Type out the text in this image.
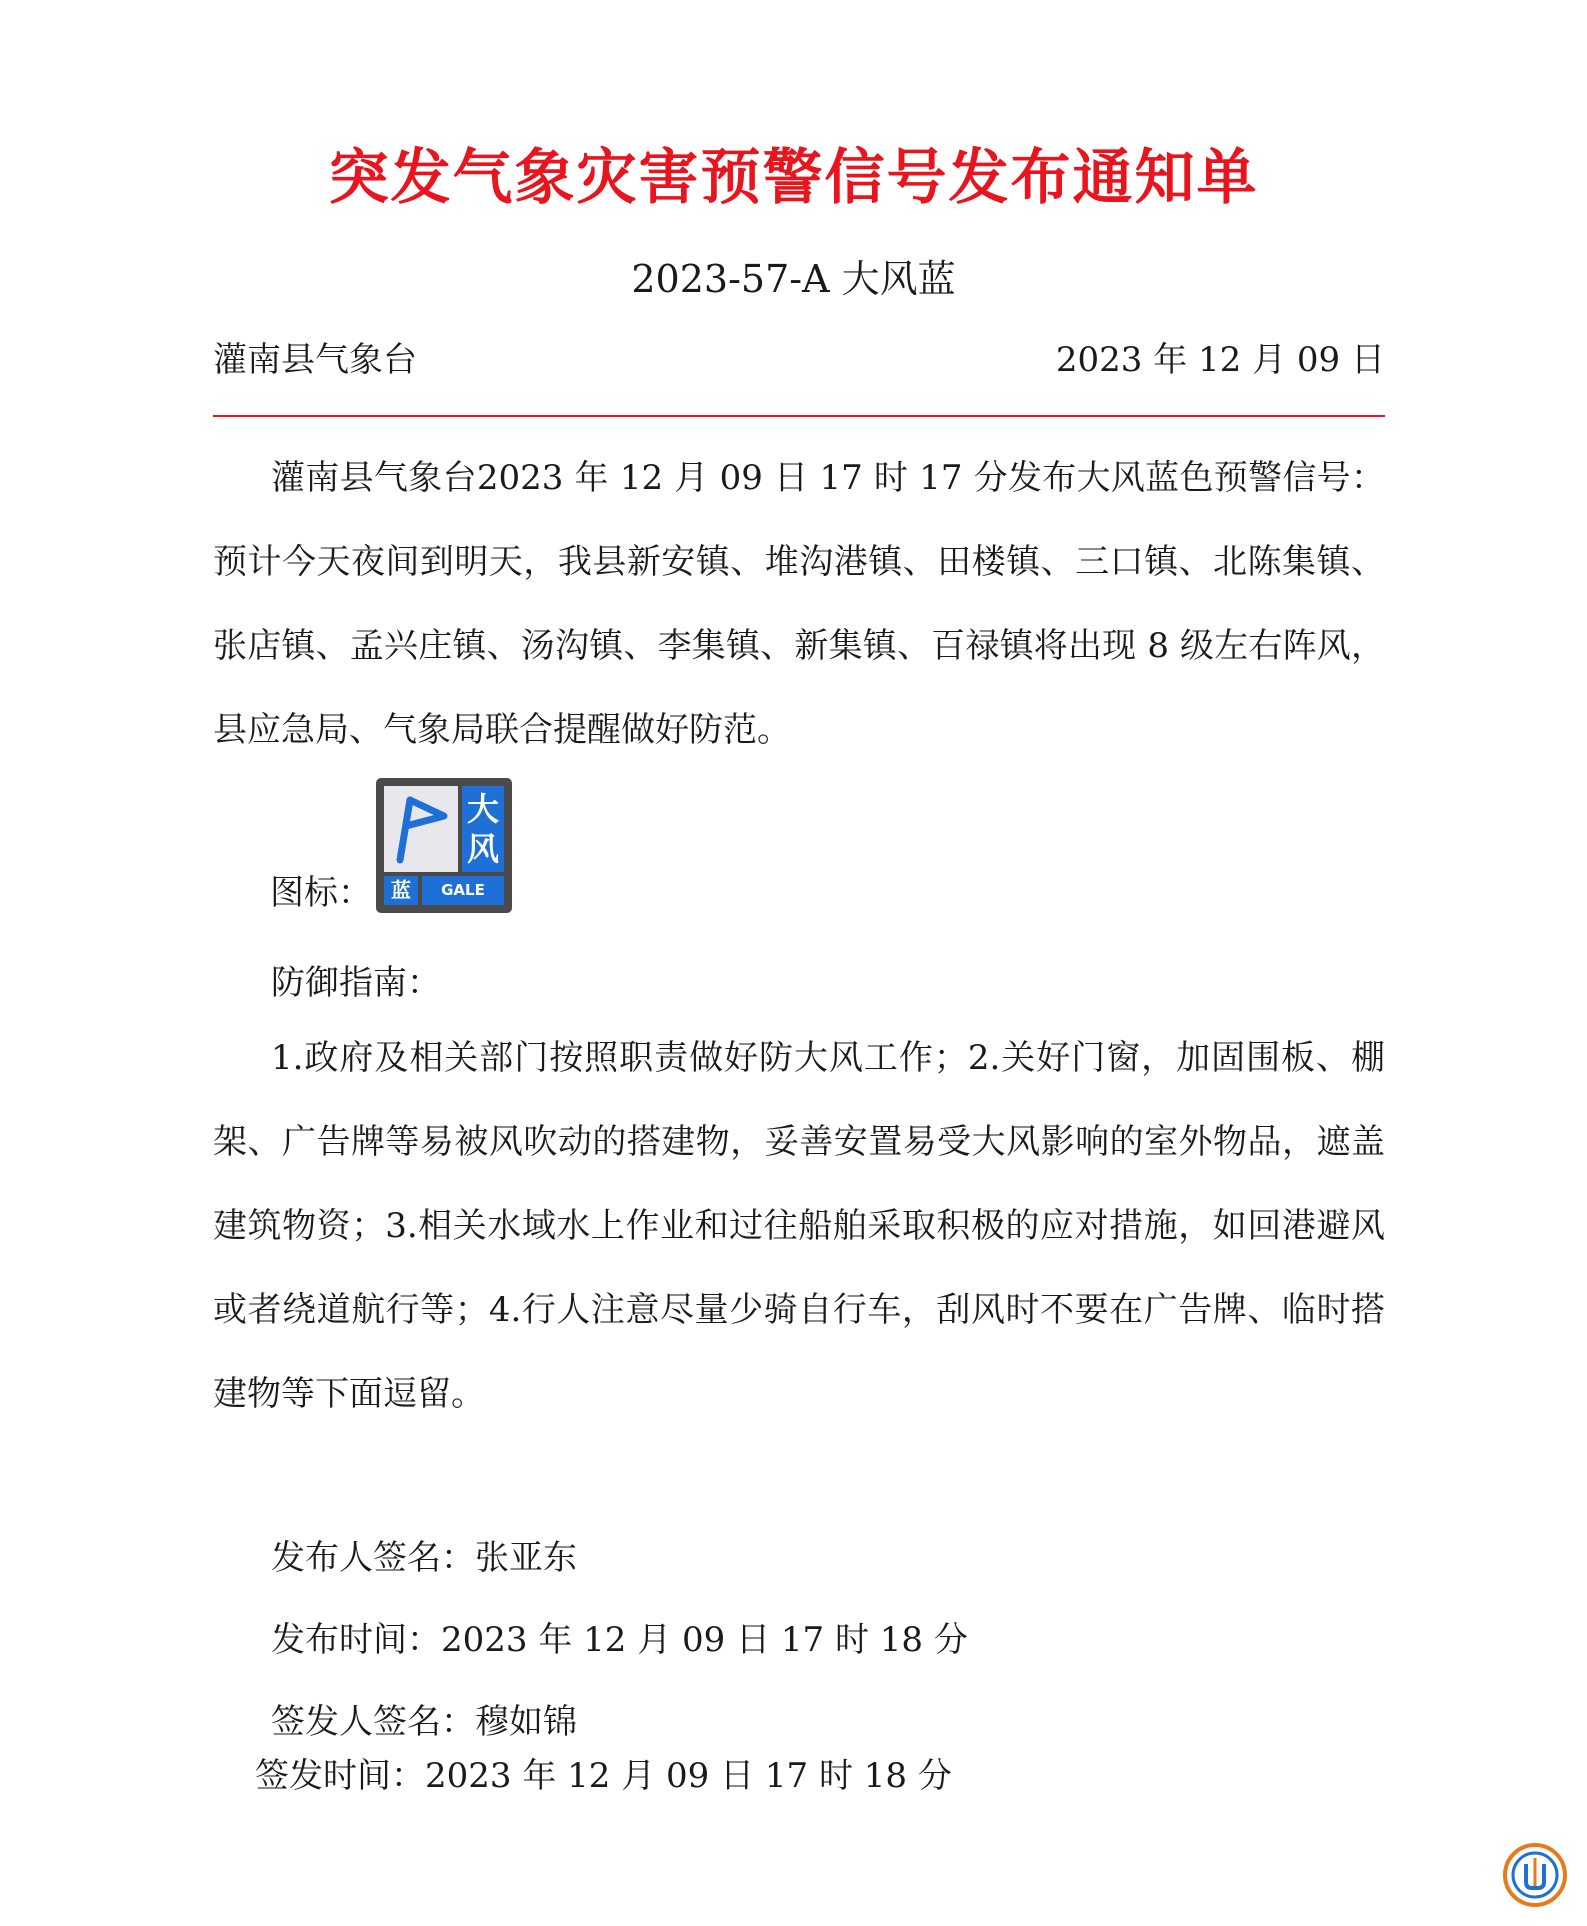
突发气象灾害预警信号发布通知单
2023-57-A 大风蓝
灌南县气象台	2023 年 12 月 09 日

灌南县气象台2023 年 12 月 09 日 17 时 17 分发布大风蓝色预警信号：预计今天夜间到明天，我县新安镇、堆沟港镇、田楼镇、三口镇、北陈集镇、张店镇、孟兴庄镇、汤沟镇、李集镇、新集镇、百禄镇将出现 8 级左右阵风，县应急局、气象局联合提醒做好防范。

图标：
大
风
蓝	GALE
防御指南：

1.政府及相关部门按照职责做好防大风工作；2.关好门窗，加固围板、棚架、广告牌等易被风吹动的搭建物，妥善安置易受大风影响的室外物品，遮盖建筑物资；3.相关水域水上作业和过往船舶采取积极的应对措施，如回港避风或者绕道航行等；4.行人注意尽量少骑自行车，刮风时不要在广告牌、临时搭建物等下面逗留。

发布人签名：张亚东
发布时间：2023 年 12 月 09 日 17 时 18 分
签发人签名：穆如锦
签发时间：2023 年 12 月 09 日 17 时 18 分
